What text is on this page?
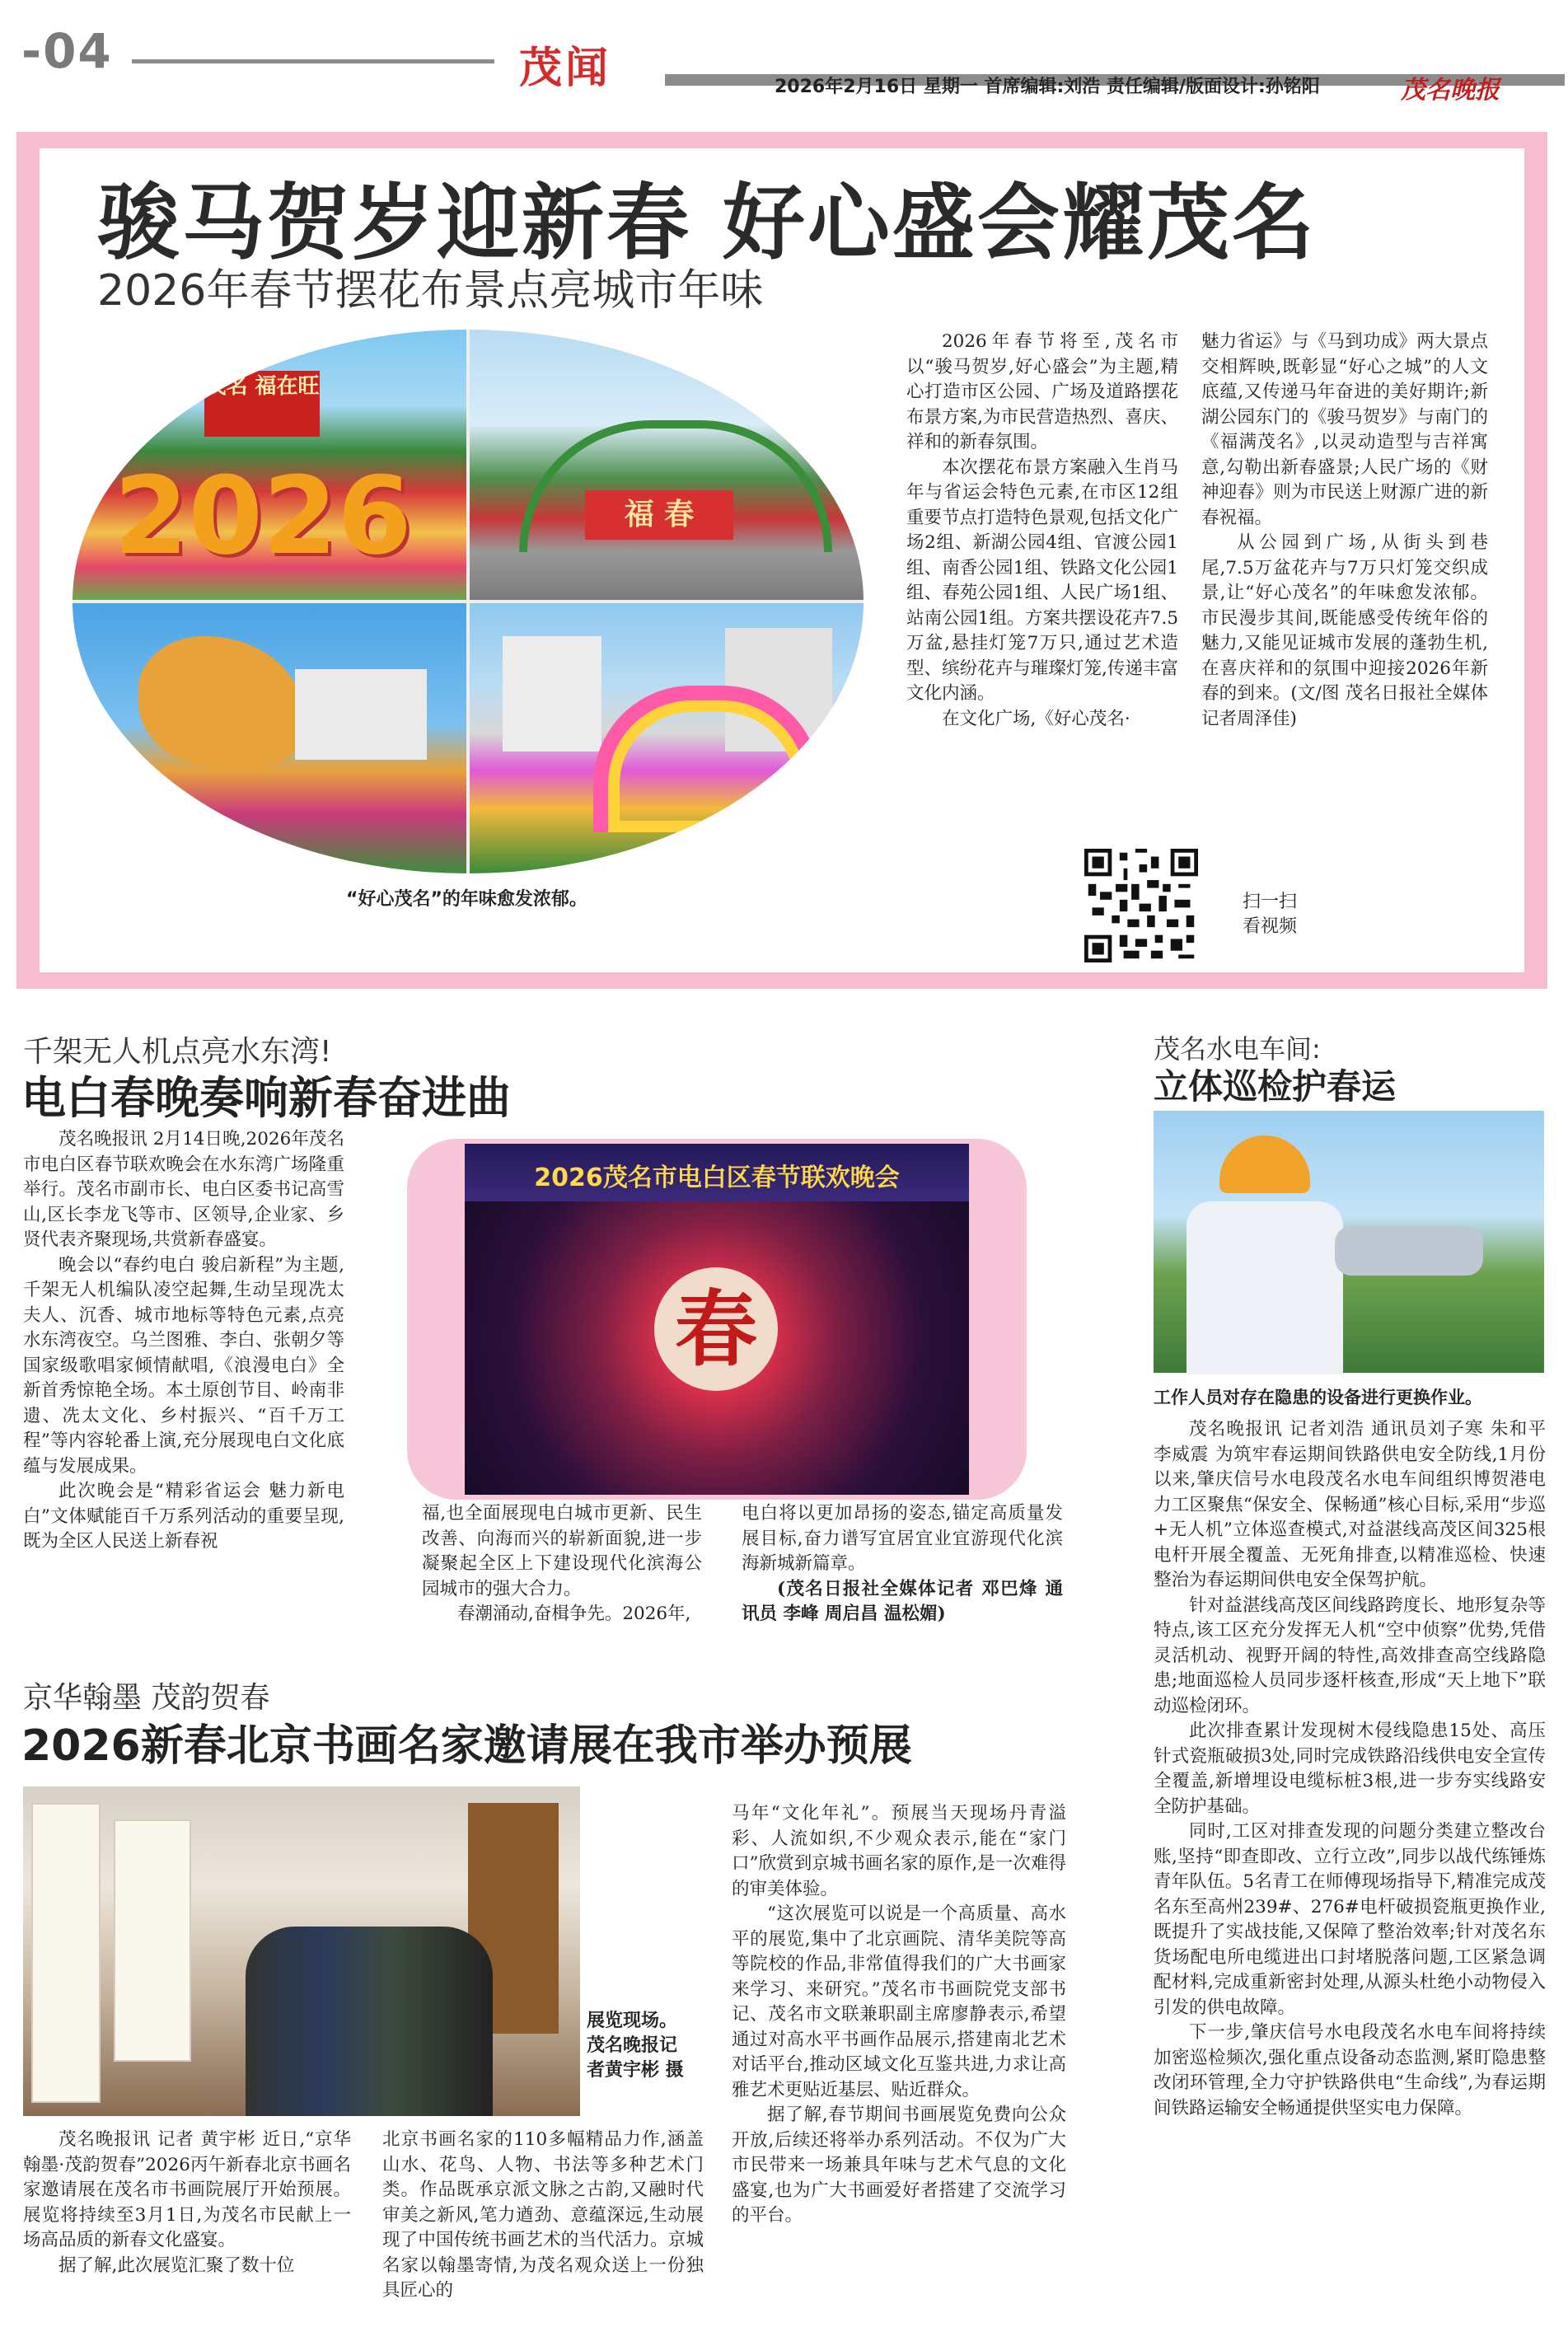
-04	茂闻	2026年2月16日 星期一 首席编辑:刘浩 责任编辑/版面设计:孙铭阳	茂名晚报
骏马贺岁迎新春 好心盛会耀茂名
2026年春节摆花布景点亮城市年味
茂名 福在旺
2026	福 春
“好心茂名”的年味愈发浓郁。

2026年春节将至,茂名市以“骏马贺岁,好心盛会”为主题,精心打造市区公园、广场及道路摆花布景方案,为市民营造热烈、喜庆、祥和的新春氛围。

本次摆花布景方案融入生肖马年与省运会特色元素,在市区12组重要节点打造特色景观,包括文化广场2组、新湖公园4组、官渡公园1组、南香公园1组、铁路文化公园1组、春苑公园1组、人民广场1组、站南公园1组。方案共摆设花卉7.5万盆,悬挂灯笼7万只,通过艺术造型、缤纷花卉与璀璨灯笼,传递丰富文化内涵。

在文化广场,《好心茂名·

魅力省运》与《马到功成》两大景点交相辉映,既彰显“好心之城”的人文底蕴,又传递马年奋进的美好期许;新湖公园东门的《骏马贺岁》与南门的《福满茂名》,以灵动造型与吉祥寓意,勾勒出新春盛景;人民广场的《财神迎春》则为市民送上财源广进的新春祝福。

从公园到广场,从街头到巷尾,7.5万盆花卉与7万只灯笼交织成景,让“好心茂名”的年味愈发浓郁。市民漫步其间,既能感受传统年俗的魅力,又能见证城市发展的蓬勃生机,在喜庆祥和的氛围中迎接2026年新春的到来。(文/图 茂名日报社全媒体记者周泽佳)

扫一扫
看视频
千架无人机点亮水东湾!
电白春晚奏响新春奋进曲

茂名晚报讯 2月14日晚,2026年茂名市电白区春节联欢晚会在水东湾广场隆重举行。茂名市副市长、电白区委书记高雪山,区长李龙飞等市、区领导,企业家、乡贤代表齐聚现场,共赏新春盛宴。

晚会以“春约电白 骏启新程”为主题,千架无人机编队凌空起舞,生动呈现冼太夫人、沉香、城市地标等特色元素,点亮水东湾夜空。乌兰图雅、李白、张朝夕等国家级歌唱家倾情献唱,《浪漫电白》全新首秀惊艳全场。本土原创节目、岭南非遗、冼太文化、乡村振兴、“百千万工程”等内容轮番上演,充分展现电白文化底蕴与发展成果。

此次晚会是“精彩省运会 魅力新电白”文体赋能百千万系列活动的重要呈现,既为全区人民送上新春祝

2026茂名市电白区春节联欢晚会
春

福,也全面展现电白城市更新、民生改善、向海而兴的崭新面貌,进一步凝聚起全区上下建设现代化滨海公园城市的强大合力。

春潮涌动,奋楫争先。2026年,

电白将以更加昂扬的姿态,锚定高质量发展目标,奋力谱写宜居宜业宜游现代化滨海新城新篇章。

(茂名日报社全媒体记者 邓巴烽 通讯员 李峰 周启昌 温松媚)

茂名水电车间:
立体巡检护春运
工作人员对存在隐患的设备进行更换作业。

茂名晚报讯 记者刘浩 通讯员刘子寒 朱和平 李威震 为筑牢春运期间铁路供电安全防线,1月份以来,肇庆信号水电段茂名水电车间组织博贺港电力工区聚焦“保安全、保畅通”核心目标,采用“步巡+无人机”立体巡查模式,对益湛线高茂区间325根电杆开展全覆盖、无死角排查,以精准巡检、快速整治为春运期间供电安全保驾护航。

针对益湛线高茂区间线路跨度长、地形复杂等特点,该工区充分发挥无人机“空中侦察”优势,凭借灵活机动、视野开阔的特性,高效排查高空线路隐患;地面巡检人员同步逐杆核查,形成“天上地下”联动巡检闭环。

此次排查累计发现树木侵线隐患15处、高压针式瓷瓶破损3处,同时完成铁路沿线供电安全宣传全覆盖,新增埋设电缆标桩3根,进一步夯实线路安全防护基础。

同时,工区对排查发现的问题分类建立整改台账,坚持“即查即改、立行立改”,同步以战代练锤炼青年队伍。5名青工在师傅现场指导下,精准完成茂名东至高州239#、276#电杆破损瓷瓶更换作业,既提升了实战技能,又保障了整治效率;针对茂名东货场配电所电缆进出口封堵脱落问题,工区紧急调配材料,完成重新密封处理,从源头杜绝小动物侵入引发的供电故障。

下一步,肇庆信号水电段茂名水电车间将持续加密巡检频次,强化重点设备动态监测,紧盯隐患整改闭环管理,全力守护铁路供电“生命线”,为春运期间铁路运输安全畅通提供坚实电力保障。

京华翰墨 茂韵贺春
2026新春北京书画名家邀请展在我市举办预展
展览现场。茂名晚报记者黄宇彬 摄

茂名晚报讯 记者 黄宇彬 近日,“京华翰墨·茂韵贺春”2026丙午新春北京书画名家邀请展在茂名市书画院展厅开始预展。展览将持续至3月1日,为茂名市民献上一场高品质的新春文化盛宴。

据了解,此次展览汇聚了数十位

北京书画名家的110多幅精品力作,涵盖山水、花鸟、人物、书法等多种艺术门类。作品既承京派文脉之古韵,又融时代审美之新风,笔力遒劲、意蕴深远,生动展现了中国传统书画艺术的当代活力。京城名家以翰墨寄情,为茂名观众送上一份独具匠心的

马年“文化年礼”。预展当天现场丹青溢彩、人流如织,不少观众表示,能在“家门口”欣赏到京城书画名家的原作,是一次难得的审美体验。

“这次展览可以说是一个高质量、高水平的展览,集中了北京画院、清华美院等高等院校的作品,非常值得我们的广大书画家来学习、来研究。”茂名市书画院党支部书记、茂名市文联兼职副主席廖静表示,希望通过对高水平书画作品展示,搭建南北艺术对话平台,推动区域文化互鉴共进,力求让高雅艺术更贴近基层、贴近群众。

据了解,春节期间书画展览免费向公众开放,后续还将举办系列活动。不仅为广大市民带来一场兼具年味与艺术气息的文化盛宴,也为广大书画爱好者搭建了交流学习的平台。
